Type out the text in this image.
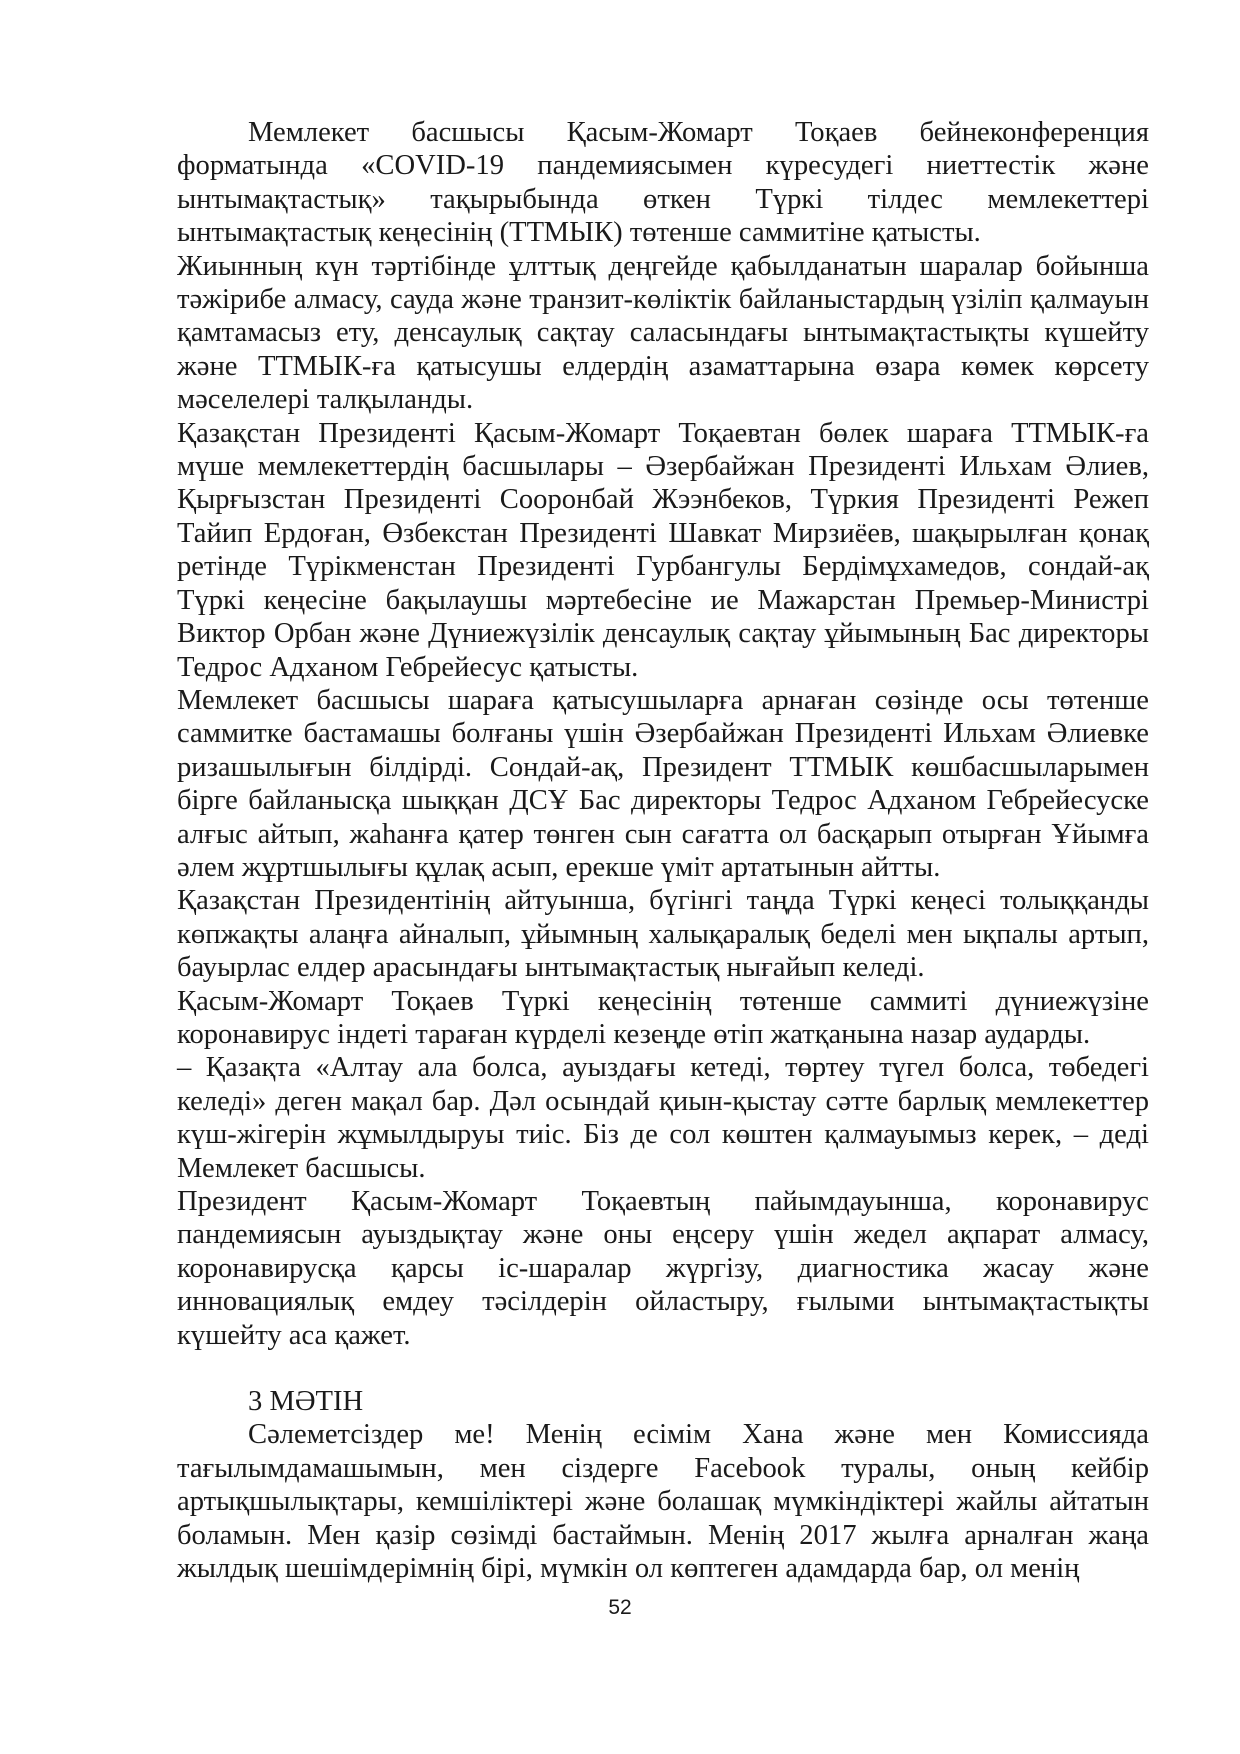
Мемлекет басшысы Қасым-Жомарт Тоқаев бейнеконференция форматында «COVID-19 пандемиясымен күресудегі ниеттестік және ынтымақтастық» тақырыбында өткен Түркі тілдес мемлекеттері ынтымақтастық кеңесінің (ТТМЫК) төтенше саммитіне қатысты.

Жиынның күн тәртібінде ұлттық деңгейде қабылданатын шаралар бойынша тәжірибе алмасу, сауда және транзит-көліктік байланыстардың үзіліп қалмауын қамтамасыз ету, денсаулық сақтау саласындағы ынтымақтастықты күшейту және ТТМЫК-ға қатысушы елдердің азаматтарына өзара көмек көрсету мәселелері талқыланды.

Қазақстан Президенті Қасым-Жомарт Тоқаевтан бөлек шараға ТТМЫК-ға мүше мемлекеттердің басшылары – Әзербайжан Президенті Ильхам Әлиев, Қырғызстан Президенті Сооронбай Жээнбеков, Түркия Президенті Режеп Тайип Ердоған, Өзбекстан Президенті Шавкат Мирзиёев, шақырылған қонақ ретінде Түрікменстан Президенті Гурбангулы Бердімұхамедов, сондай-ақ Түркі кеңесіне бақылаушы мәртебесіне ие Мажарстан Премьер-Министрі Виктор Орбан және Дүниежүзілік денсаулық сақтау ұйымының Бас директоры Тедрос Адханом Гебрейесус қатысты.

Мемлекет басшысы шараға қатысушыларға арнаған сөзінде осы төтенше саммитке бастамашы болғаны үшін Әзербайжан Президенті Ильхам Әлиевке ризашылығын білдірді. Сондай-ақ, Президент ТТМЫК көшбасшыларымен бірге байланысқа шыққан ДСҰ Бас директоры Тедрос Адханом Гебрейесуске алғыс айтып, жаһанға қатер төнген сын сағатта ол басқарып отырған Ұйымға әлем жұртшылығы құлақ асып, ерекше үміт артатынын айтты.

Қазақстан Президентінің айтуынша, бүгінгі таңда Түркі кеңесі толыққанды көпжақты алаңға айналып, ұйымның халықаралық беделі мен ықпалы артып, бауырлас елдер арасындағы ынтымақтастық нығайып келеді.

Қасым-Жомарт Тоқаев Түркі кеңесінің төтенше саммиті дүниежүзіне коронавирус індеті тараған күрделі кезеңде өтіп жатқанына назар аударды.

– Қазақта «Алтау ала болса, ауыздағы кетеді, төртеу түгел болса, төбедегі келеді» деген мақал бар. Дәл осындай қиын-қыстау сәтте барлық мемлекеттер күш-жігерін жұмылдыруы тиіс. Біз де сол көштен қалмауымыз керек, – деді Мемлекет басшысы.

Президент Қасым-Жомарт Тоқаевтың пайымдауынша, коронавирус пандемиясын ауыздықтау және оны еңсеру үшін жедел ақпарат алмасу, коронавирусқа қарсы іс-шаралар жүргізу, диагностика жасау және инновациялық емдеу тәсілдерін ойластыру, ғылыми ынтымақтастықты күшейту аса қажет.

3 МӘТІН

Сәлеметсіздер ме! Менің есімім Хана және мен Комиссияда тағылымдамашымын, мен сіздерге Facebook туралы, оның кейбір артықшылықтары, кемшіліктері және болашақ мүмкіндіктері жайлы айтатын боламын. Мен қазір сөзімді бастаймын. Менің 2017 жылға арналған жаңа жылдық шешімдерімнің бірі, мүмкін ол көптеген адамдарда бар, ол менің

52
